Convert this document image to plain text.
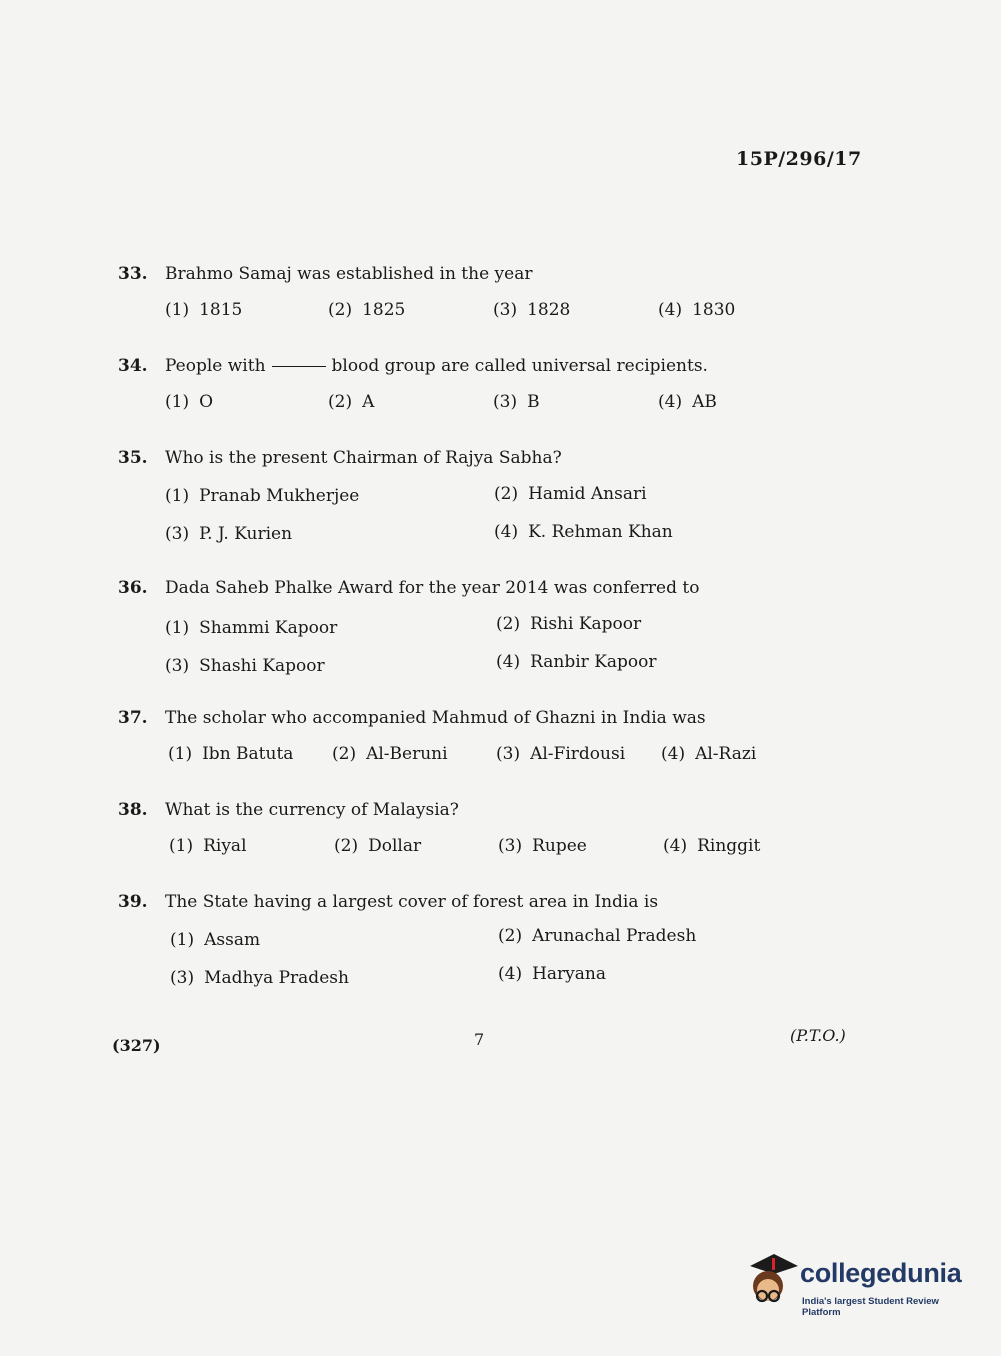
15P/296/17
33. Brahmo Samaj was established in the year
(1) 1815	(2) 1825	(3) 1828	(4) 1830
34. People with	blood group are called universal recipients.
(1) O	(2) A	(3) B	(4) AB
35. Who is the present Chairman of Rajya Sabha?
(1) Pranab Mukherjee	(2) Hamid Ansari
(3) P. J. Kurien	(4) K. Rehman Khan
36. Dada Saheb Phalke Award for the year 2014 was conferred to
(1) Shammi Kapoor	(2) Rishi Kapoor
(3) Shashi Kapoor	(4) Ranbir Kapoor
37. The scholar who accompanied Mahmud of Ghazni in India was
(1) Ibn Batuta (2) Al-Beruni	(3) Al-Firdousi (4) Al-Razi
38. What is the currency of Malaysia?
(1) Riyal	(2) Dollar	(3) Rupee	(4) Ringgit
39. The State having a largest cover of forest area in India is
(1) Assam	(2) Arunachal Pradesh
(3) Madhya Pradesh	(4) Haryana
(327)	7	(P.T.O.)
collegedunia
India's largest Student Review Platform
